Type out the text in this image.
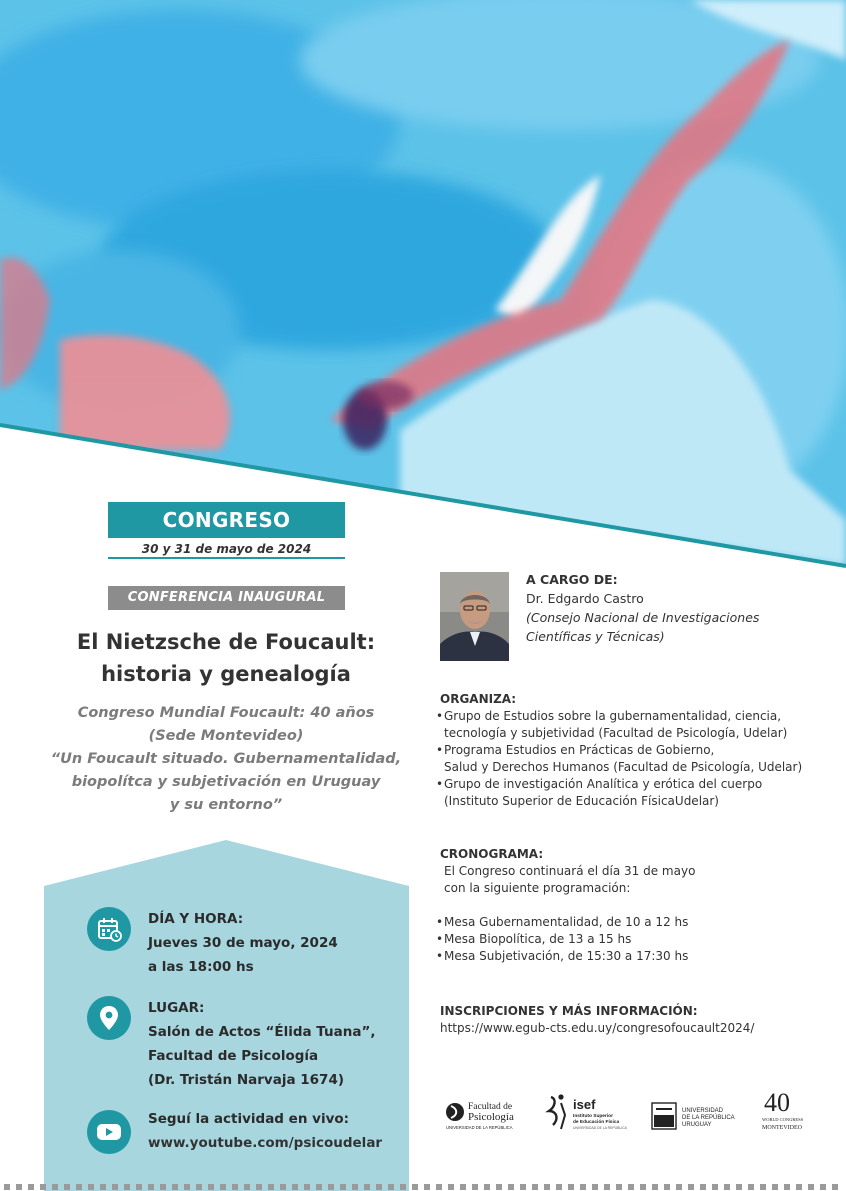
CONGRESO
30 y 31 de mayo de 2024
CONFERENCIA INAUGURAL
El Nietzsche de Foucault:
historia y genealogía
Congreso Mundial Foucault: 40 años
(Sede Montevideo)
“Un Foucault situado. Gubernamentalidad,
biopolítca y subjetivación en Uruguay
y su entorno”
DÍA Y HORA:
Jueves 30 de mayo, 2024
a las 18:00 hs
LUGAR:
Salón de Actos “Élida Tuana”,
Facultad de Psicología
(Dr. Tristán Narvaja 1674)
Seguí la actividad en vivo:
www.youtube.com/psicoudelar
A CARGO DE:
Dr. Edgardo Castro
(Consejo Nacional de Investigaciones
Científicas y Técnicas)
ORGANIZA:
• Grupo de Estudios sobre la gubernamentalidad, ciencia,
tecnología y subjetividad (Facultad de Psicología, Udelar)
• Programa Estudios en Prácticas de Gobierno,
Salud y Derechos Humanos (Facultad de Psicología, Udelar)
• Grupo de investigación Analítica y erótica del cuerpo
(Instituto Superior de Educación FísicaUdelar)
CRONOGRAMA:
El Congreso continuará el día 31 de mayo
con la siguiente programación:
• Mesa Gubernamentalidad, de 10 a 12 hs
• Mesa Biopolítica, de 13 a 15 hs
• Mesa Subjetivación, de 15:30 a 17:30 hs
INSCRIPCIONES Y MÁS INFORMACIÓN:
https://www.egub-cts.edu.uy/congresofoucault2024/
Facultad de
Psicología
UNIVERSIDAD DE LA REPÚBLICA
isef
Instituto Superior
de Educación Física
UNIVERSIDAD DE LA REPÚBLICA
UNIVERSIDAD
DE LA REPÚBLICA
URUGUAY
40
WORLD CONGRESS
MONTEVIDEO
